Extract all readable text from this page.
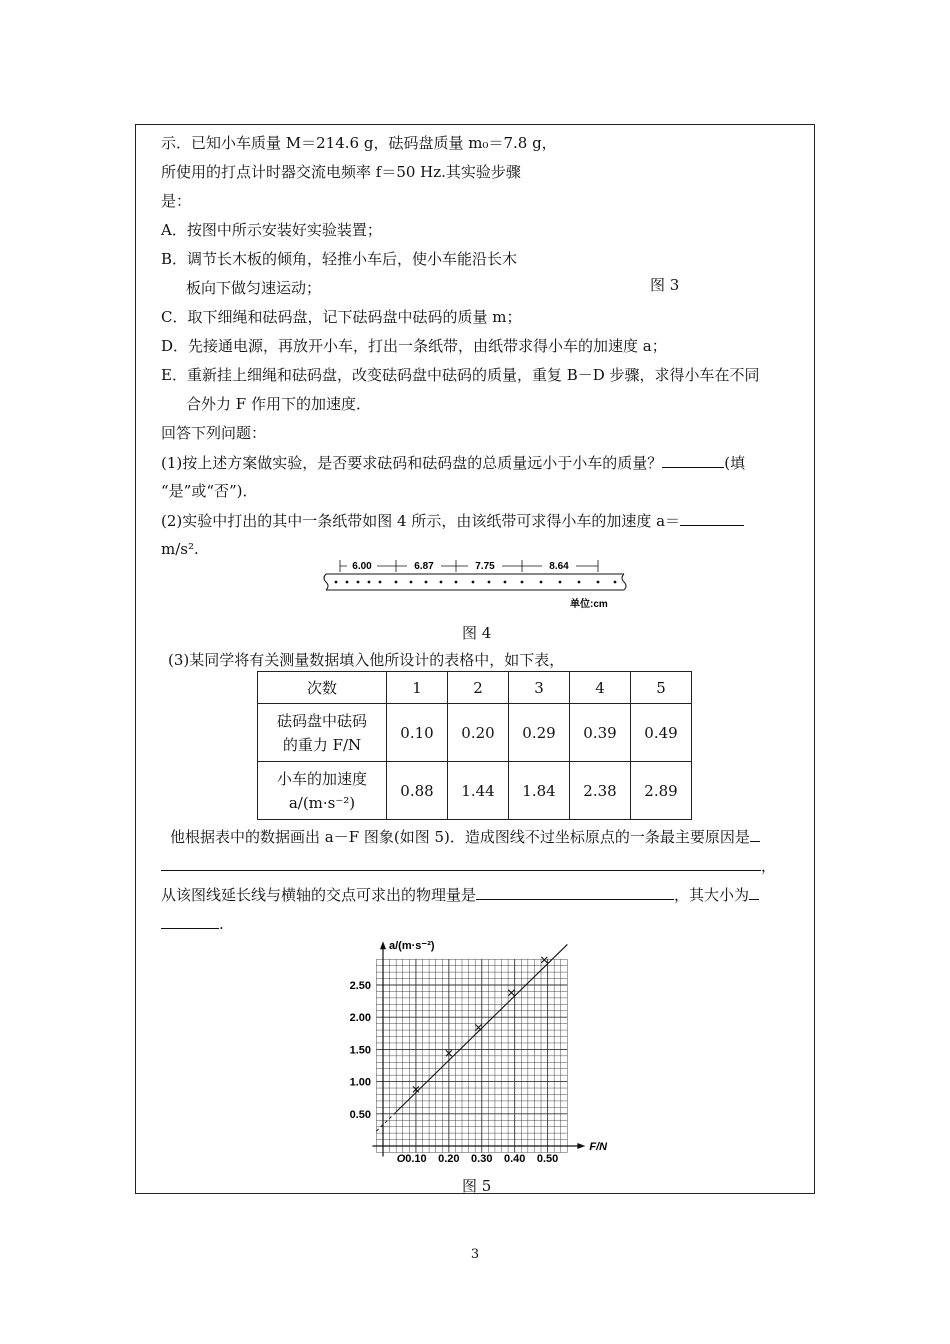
示．已知小车质量 M＝214.6 g，砝码盘质量 m₀＝7.8 g，
所使用的打点计时器交流电频率 f＝50 Hz.其实验步骤
是：
A．按图中所示安装好实验装置；
B．调节长木板的倾角，轻推小车后，使小车能沿长木
板向下做匀速运动；	图 3
C．取下细绳和砝码盘，记下砝码盘中砝码的质量 m；
D．先接通电源，再放开小车，打出一条纸带，由纸带求得小车的加速度 a；
E．重新挂上细绳和砝码盘，改变砝码盘中砝码的质量，重复 B－D 步骤，求得小车在不同
合外力 F 作用下的加速度．
回答下列问题：
(1)按上述方案做实验，是否要求砝码和砝码盘的总质量远小于小车的质量？	(填
“是”或“否”)．
(2)实验中打出的其中一条纸带如图 4 所示，由该纸带可求得小车的加速度 a＝
m/s².
6.00	6.87	7.75	8.64
单位:cm
图 4
(3)某同学将有关测量数据填入他所设计的表格中，如下表，
次数	1	2	3	4	5

砝码盘中砝码
的重力 F/N	0.10	0.20	0.29	0.39	0.49

小车的加速度
a/(m·s⁻²)	0.88	1.44	1.84	2.38	2.89
他根据表中的数据画出 a－F 图象(如图 5)．造成图线不过坐标原点的一条最主要原因是
，
从该图线延长线与横轴的交点可求出的物理量是	，其大小为
.
0.10 0.20 0.30 0.40 0.50
0.50
1.00
1.50
2.00
2.50
O
F/N
a/(m·s⁻²)
图 5
3
